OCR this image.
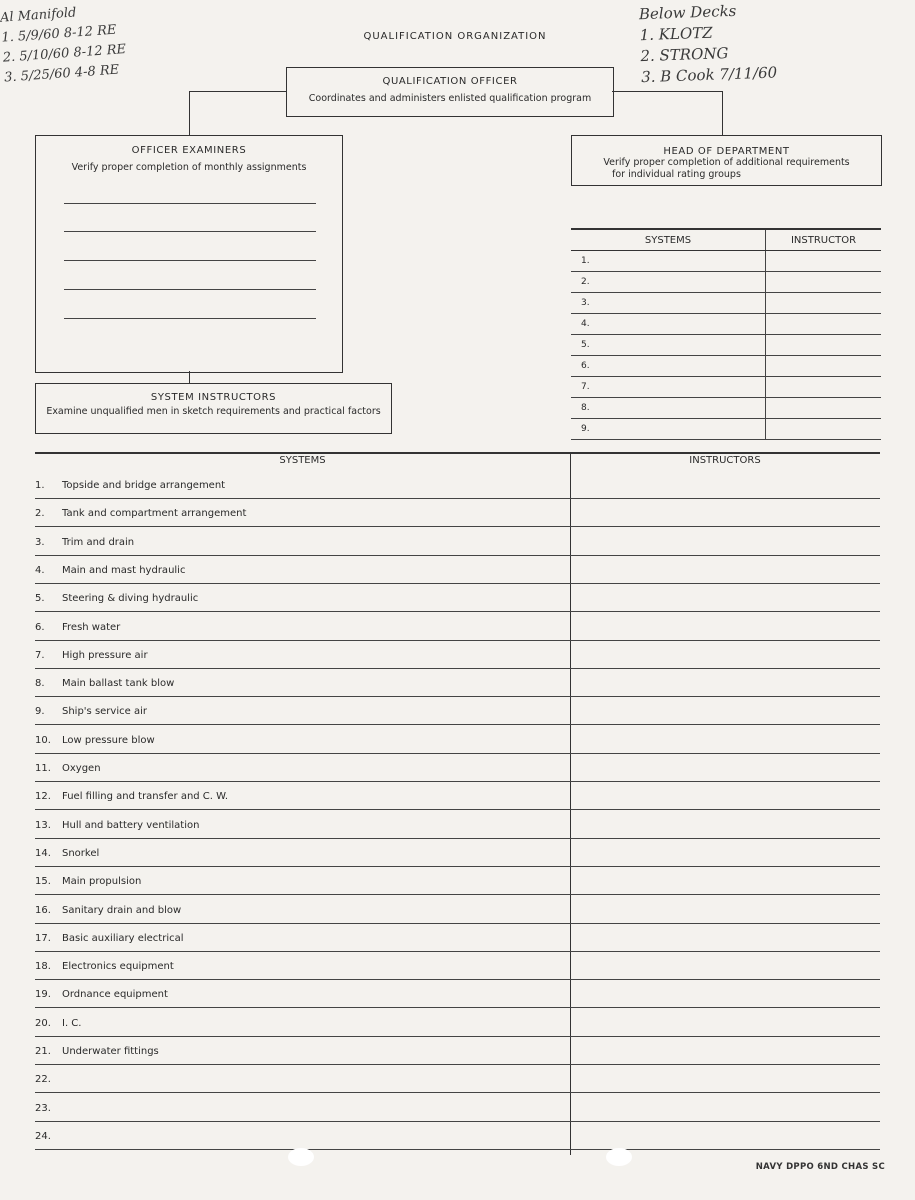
Al Manifold
1. 5/9/60 8-12 RE
2. 5/10/60 8-12 RE
3. 5/25/60 4-8 RE
Below Decks
1. KLOTZ
2. STRONG
3. B Cook 7/11/60
QUALIFICATION ORGANIZATION
QUALIFICATION OFFICER
Coordinates and administers enlisted qualification program
OFFICER EXAMINERS
Verify proper completion of monthly assignments
HEAD OF DEPARTMENT
Verify proper completion of additional requirements
for individual rating groups
SYSTEM INSTRUCTORS
Examine unqualified men in sketch requirements and practical factors
SYSTEMS	INSTRUCTOR
1.	
2.	
3.	
4.	
5.	
6.	
7.	
8.	
9.	
SYSTEMS	INSTRUCTORS
1.	Topside and bridge arrangement
2.	Tank and compartment arrangement
3.	Trim and drain
4.	Main and mast hydraulic
5.	Steering & diving hydraulic
6.	Fresh water
7.	High pressure air
8.	Main ballast tank blow
9.	Ship's service air
10.	Low pressure blow
11.	Oxygen
12.	Fuel filling and transfer and C. W.
13.	Hull and battery ventilation
14.	Snorkel
15.	Main propulsion
16.	Sanitary drain and blow
17.	Basic auxiliary electrical
18.	Electronics equipment
19.	Ordnance equipment
20.	I. C.
21.	Underwater fittings
22.
23.
24.
NAVY DPPO 6ND CHAS SC
